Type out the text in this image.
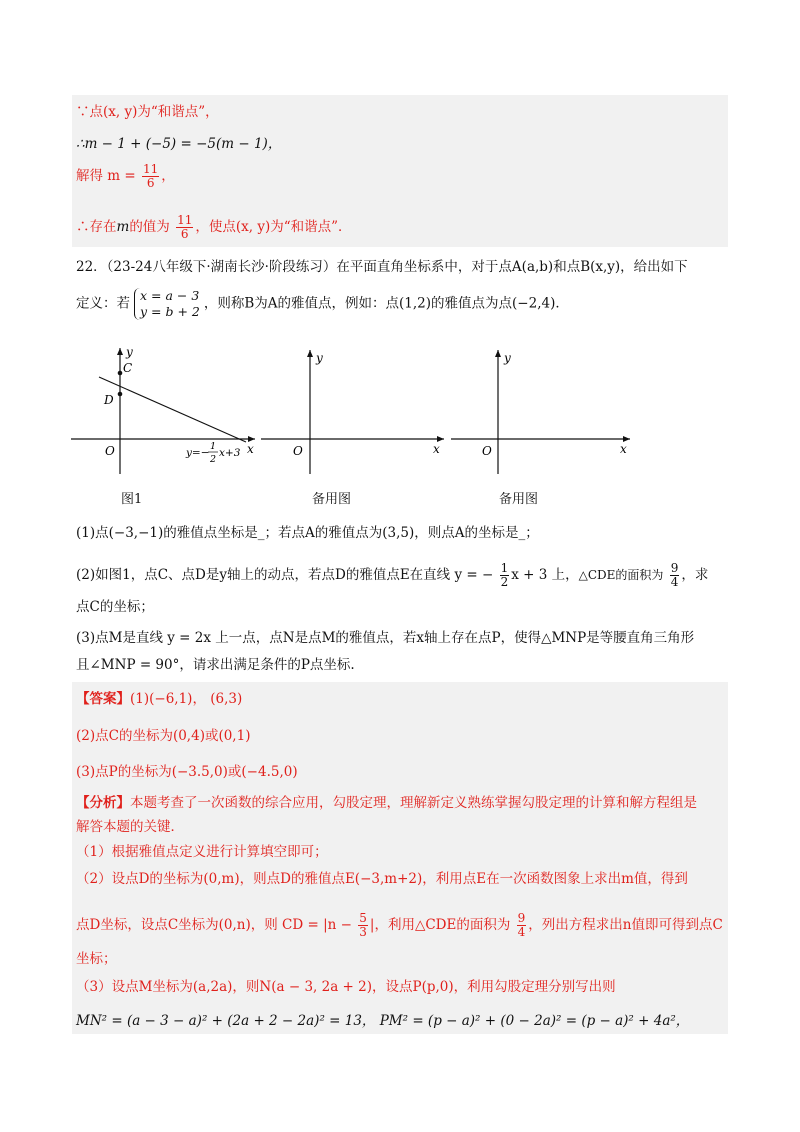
∵点(x, y)为“和谐点”，
∴m − 1 + (−5) = −5(m − 1)，
解得 $m = \frac{11}{6}$ ，
∴存在m的值为 $\frac{11}{6}$ ，使点(x, y)为“和谐点”．
22．（23-24八年级下·湖南长沙·阶段练习）在平面直角坐标系中，对于点A(a,b)和点B(x,y)，给出如下
定义：若 x = a − 3
y = b + 2 ，则称B为A的雅值点，例如：点(1,2)的雅值点为点(−2,4)．
y
C
D
O	x
y=−
1
2
x+3
图1
y
O	x
备用图
y
O	x
备用图
(1)点(−3,−1)的雅值点坐标是_；若点A的雅值点为(3,5)，则点A的坐标是_；
(2)如图1，点C、点D是y轴上的动点，若点D的雅值点E在直线 y = − $\frac{1}{2}$ x + 3 上，△CDE的面积为 $\frac{9}{4}$ ，求
点C的坐标；
(3)点M是直线 y = 2x 上一点，点N是点M的雅值点，若x轴上存在点P，使得△MNP是等腰直角三角形
且∠MNP = 90°，请求出满足条件的P点坐标.
【答案】(1)(−6,1)， (6,3)
(2)点C的坐标为(0,4)或(0,1)
(3)点P的坐标为(−3.5,0)或(−4.5,0)
【分析】本题考查了一次函数的综合应用，勾股定理，理解新定义熟练掌握勾股定理的计算和解方程组是
解答本题的关键．
（1）根据雅值点定义进行计算填空即可；
（2）设点D的坐标为(0,m)，则点D的雅值点E(−3,m+2)，利用点E在一次函数图象上求出m值，得到
点D坐标，设点C坐标为(0,n)，则 CD = $|n - \frac{5}{3}$ |，利用△CDE的面积为 $\frac{9}{4}$ ，列出方程求出n值即可得到点C
坐标；
（3）设点M坐标为(a,2a)，则N(a − 3, 2a + 2)，设点P(p,0)，利用勾股定理分别写出则
MN² = (a − 3 − a)² + (2a + 2 − 2a)² = 13， PM² = (p − a)² + (0 − 2a)² = (p − a)² + 4a²，
